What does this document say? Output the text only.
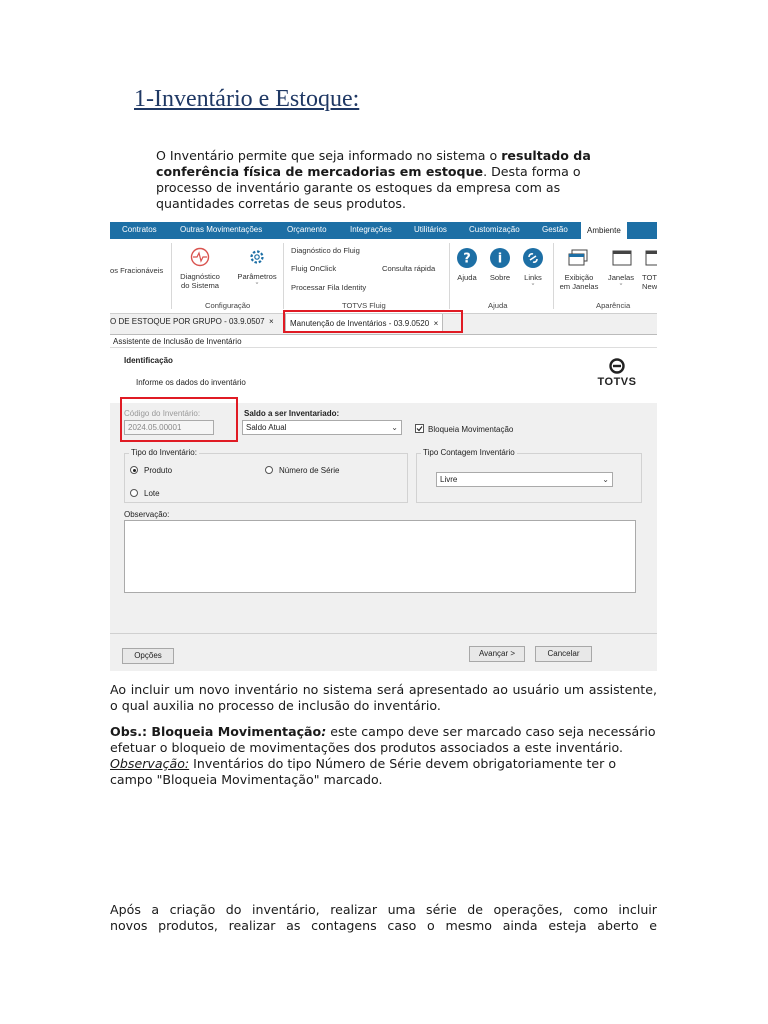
1-Inventário e Estoque:

O Inventário permite que seja informado no sistema o resultado da conferência física de mercadorias em estoque. Desta forma o processo de inventário garante os estoques da empresa com as quantidades corretas de seus produtos.

Contratos	Outras Movimentações	Orçamento	Integrações	Utilitários	Customização	Gestão	Ambiente
os Fracionáveis
Diagnóstico
do Sistema
Parâmetros
ˇ
Configuração
Diagnóstico do Fluig
Fluig OnClick
Processar Fila Identity
Consulta rápida
TOTVS Fluig
?
Ajuda
i
Sobre	Links
ˇ
Ajuda
Exibição
em Janelas
Janelas
ˇ
TOT
New
Aparência
O DE ESTOQUE POR GRUPO - 03.9.0507 ×	Manutenção de Inventários - 03.9.0520 ×
Assistente de Inclusão de Inventário
Identificação
Informe os dados do inventário	TOTVS
Código do Inventário:
2024.05.00001
Saldo a ser Inventariado:
Saldo Atual	⌄	Bloqueia Movimentação
Tipo do Inventário:
Produto	Número de Série
Lote
Tipo Contagem Inventário
Livre	⌄
Observação:
Opções	Avançar >	Cancelar

Ao incluir um novo inventário no sistema será apresentado ao usuário um assistente, o qual auxilia no processo de inclusão do inventário.

Obs.: Bloqueia Movimentação: este campo deve ser marcado caso seja necessário efetuar o bloqueio de movimentações dos produtos associados a este inventário. Observação: Inventários do tipo Número de Série devem obrigatoriamente ter o campo "Bloqueia Movimentação" marcado.

Após a criação do inventário, realizar uma série de operações, como incluir
novos produtos, realizar as contagens caso o mesmo ainda esteja aberto e
